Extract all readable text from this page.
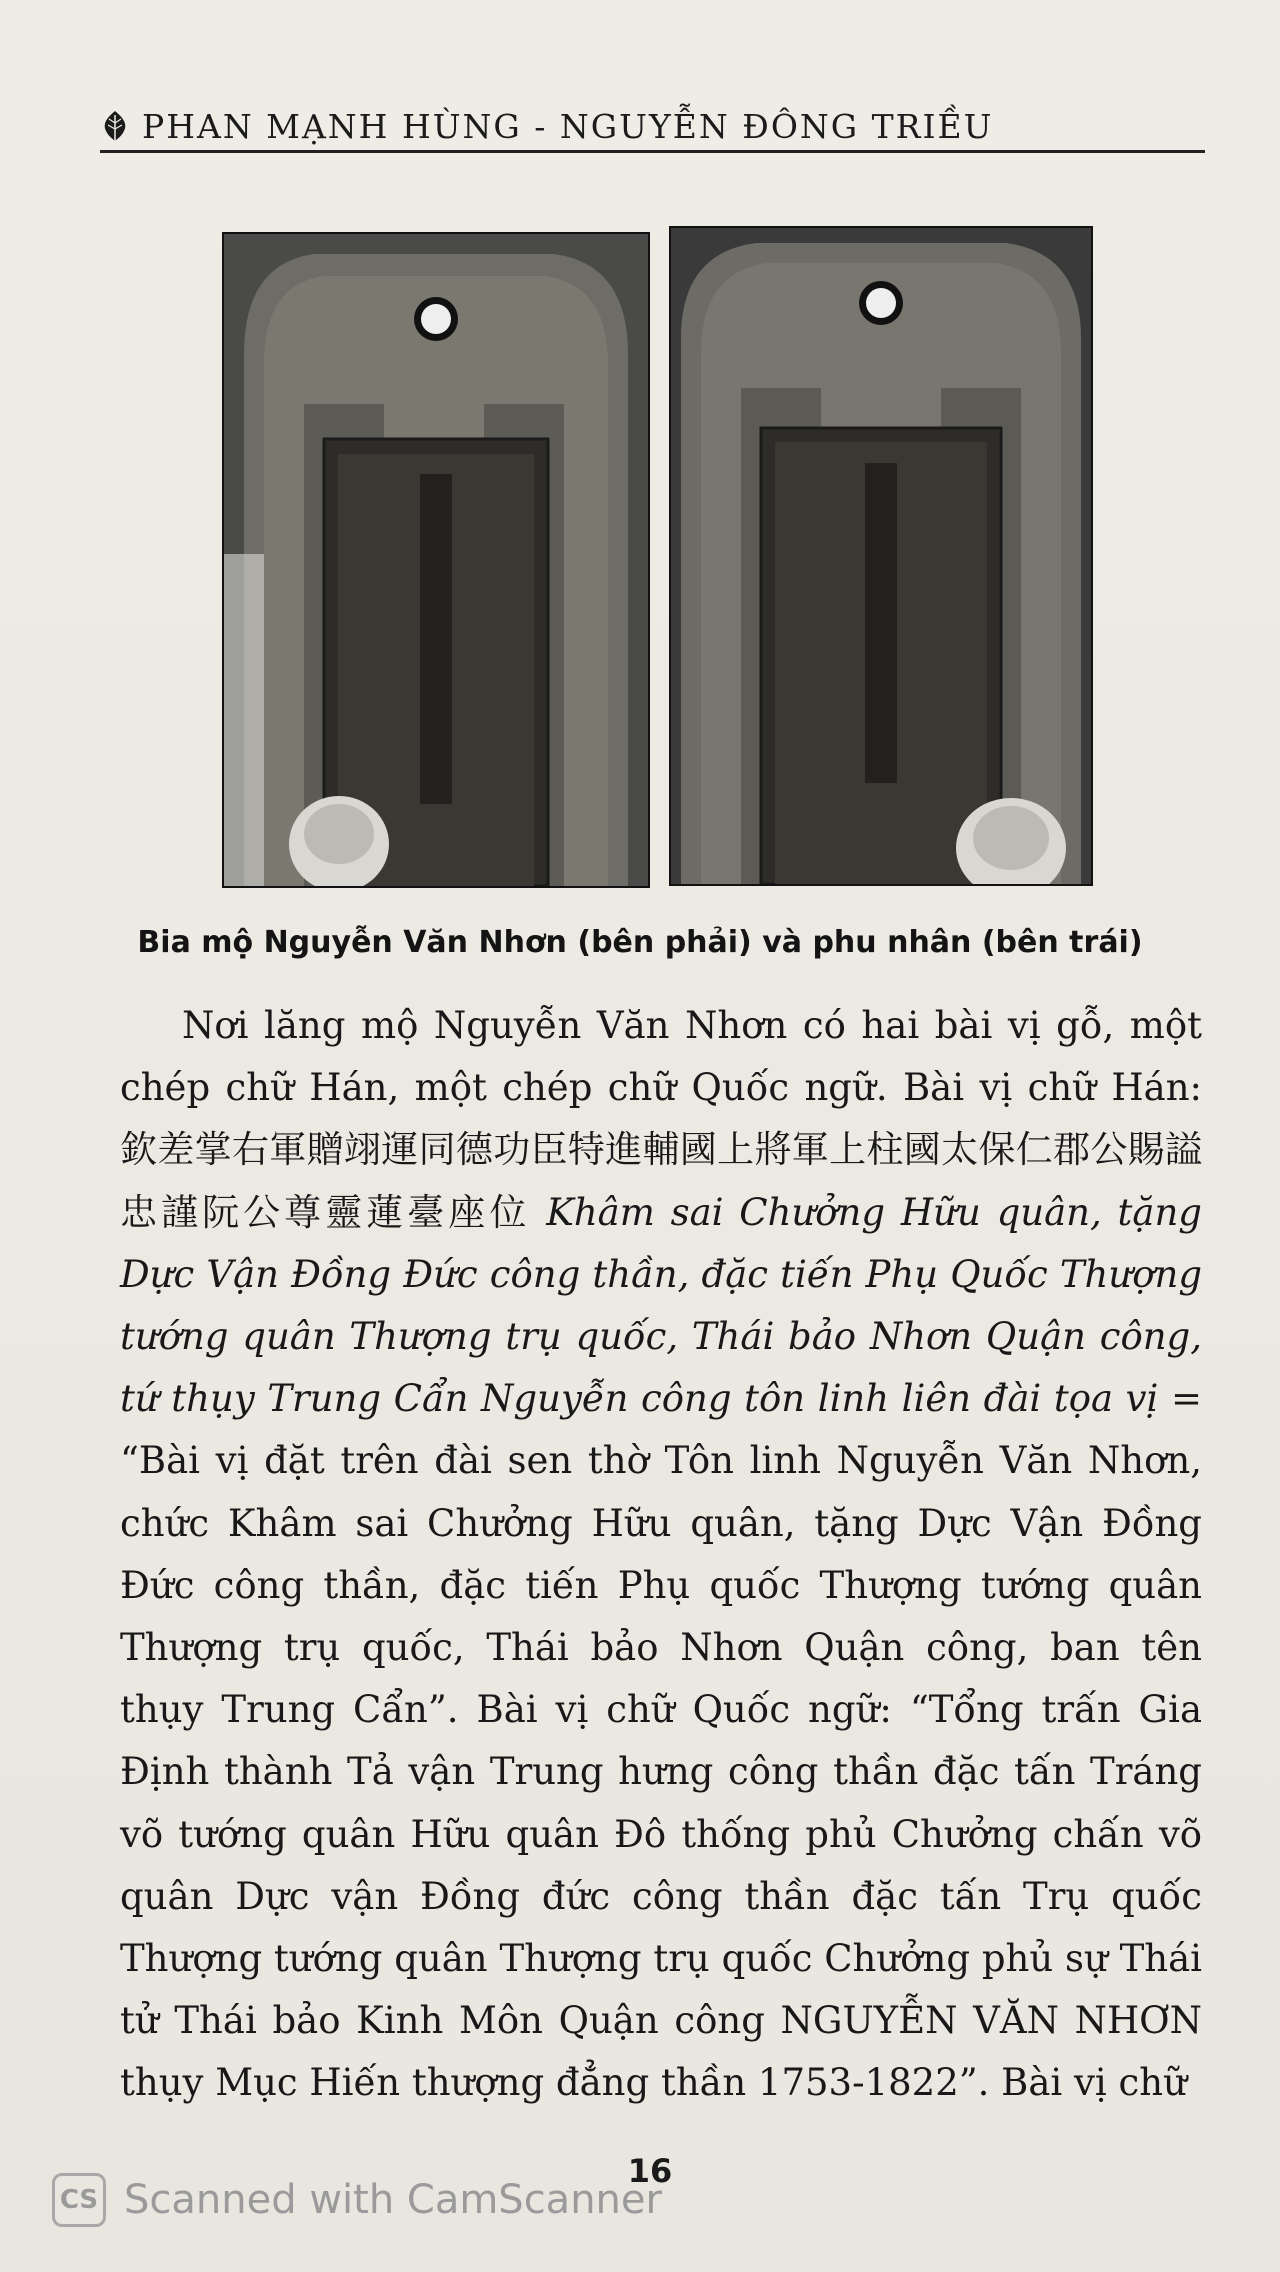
PHAN MẠNH HÙNG - NGUYỄN ĐÔNG TRIỀU
Bia mộ Nguyễn Văn Nhơn (bên phải) và phu nhân (bên trái)

Nơi lăng mộ Nguyễn Văn Nhơn có hai bài vị gỗ, một chép chữ Hán, một chép chữ Quốc ngữ. Bài vị chữ Hán: 欽差掌右軍贈翊運同德功臣特進輔國上將軍上柱國太保仁郡公賜謚忠謹阮公尊靈蓮臺座位 Khâm sai Chưởng Hữu quân, tặng Dực Vận Đồng Đức công thần, đặc tiến Phụ Quốc Thượng tướng quân Thượng trụ quốc, Thái bảo Nhơn Quận công, tứ thụy Trung Cẩn Nguyễn công tôn linh liên đài tọa vị = “Bài vị đặt trên đài sen thờ Tôn linh Nguyễn Văn Nhơn, chức Khâm sai Chưởng Hữu quân, tặng Dực Vận Đồng Đức công thần, đặc tiến Phụ quốc Thượng tướng quân Thượng trụ quốc, Thái bảo Nhơn Quận công, ban tên thụy Trung Cẩn”. Bài vị chữ Quốc ngữ: “Tổng trấn Gia Định thành Tả vận Trung hưng công thần đặc tấn Tráng võ tướng quân Hữu quân Đô thống phủ Chưởng chấn võ quân Dực vận Đồng đức công thần đặc tấn Trụ quốc Thượng tướng quân Thượng trụ quốc Chưởng phủ sự Thái tử Thái bảo Kinh Môn Quận công NGUYỄN VĂN NHƠN thụy Mục Hiến thượng đẳng thần 1753-1822”. Bài vị chữ

16
CS Scanned with CamScanner
